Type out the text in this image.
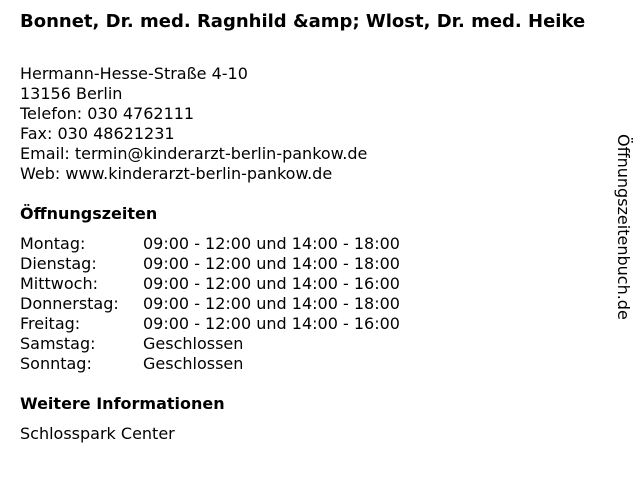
Bonnet, Dr. med. Ragnhild &amp; Wlost, Dr. med. Heike
Hermann-Hesse-Straße 4-10
13156 Berlin
Telefon: 030 4762111
Fax: 030 48621231
Email: termin@kinderarzt-berlin-pankow.de
Web: www.kinderarzt-berlin-pankow.de
Öffnungszeiten
Montag:	09:00 - 12:00 und 14:00 - 18:00
Dienstag:	09:00 - 12:00 und 14:00 - 18:00
Mittwoch:	09:00 - 12:00 und 14:00 - 16:00
Donnerstag: 09:00 - 12:00 und 14:00 - 18:00
Freitag:	09:00 - 12:00 und 14:00 - 16:00
Samstag:	Geschlossen
Sonntag:	Geschlossen
Weitere Informationen
Schlosspark Center
Öffnungszeitenbuch.de
